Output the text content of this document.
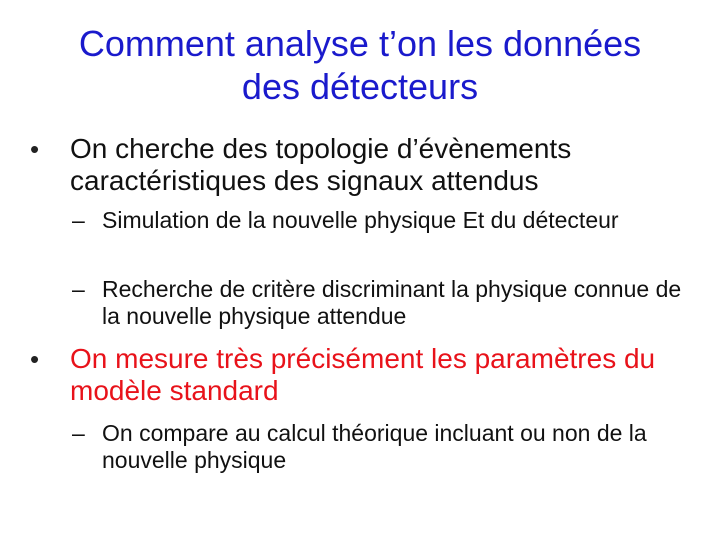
Comment analyse t’on les données
des détecteurs
• On cherche des topologie d’évènements caractéristiques des signaux attendus
– Simulation de la nouvelle physique Et du détecteur
– Recherche de critère discriminant la physique connue de la nouvelle physique attendue
• On mesure très précisément les paramètres du modèle standard
– On compare au calcul théorique incluant ou non de la nouvelle physique
